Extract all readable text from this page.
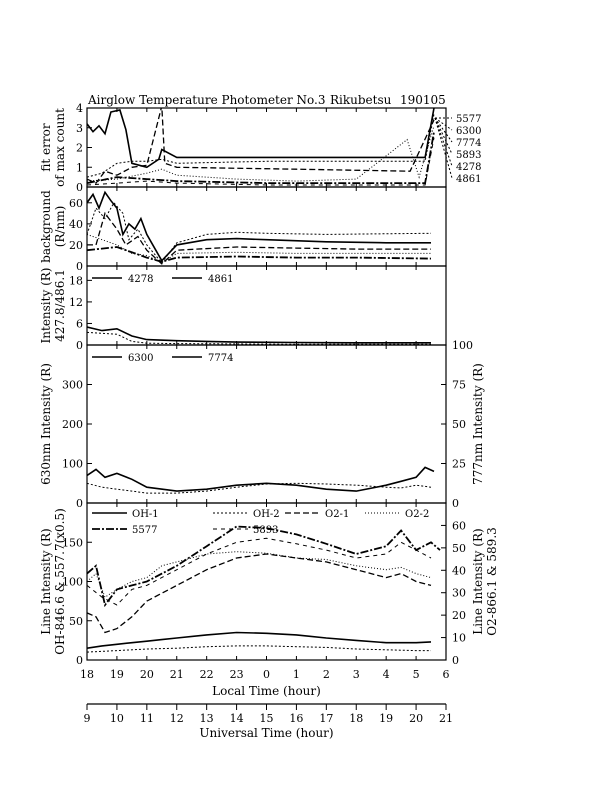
Airglow Temperature Photometer No.3 Rikubetsu 190105
0
1
2
3
4
fit error of max count	5577
6300
7774
5893
4278
4861
0
20
40
60
background (R/nm)
0
6
12
18
Intensity (R) 427.8/486.1	4278	4861
0
100
200
300
0
25
50
75
100
630nm Intensity (R)	777nm Intensity (R)
6300	7774
0
50
100
150
0
10
20
30
40
50
60
Line Intensity (R) OH-846.6 & 557.7(x0.5)	Line Intensity (R) O2-866.1 & 589.3
OH-1	OH-2	O2-1	O2-2
5577	5893
18 19 20 21 22 23 0 1 2 3 4 5 6
Local Time (hour)
9 10 11 12 13 14 15 16 17 18 19 20 21
Universal Time (hour)
